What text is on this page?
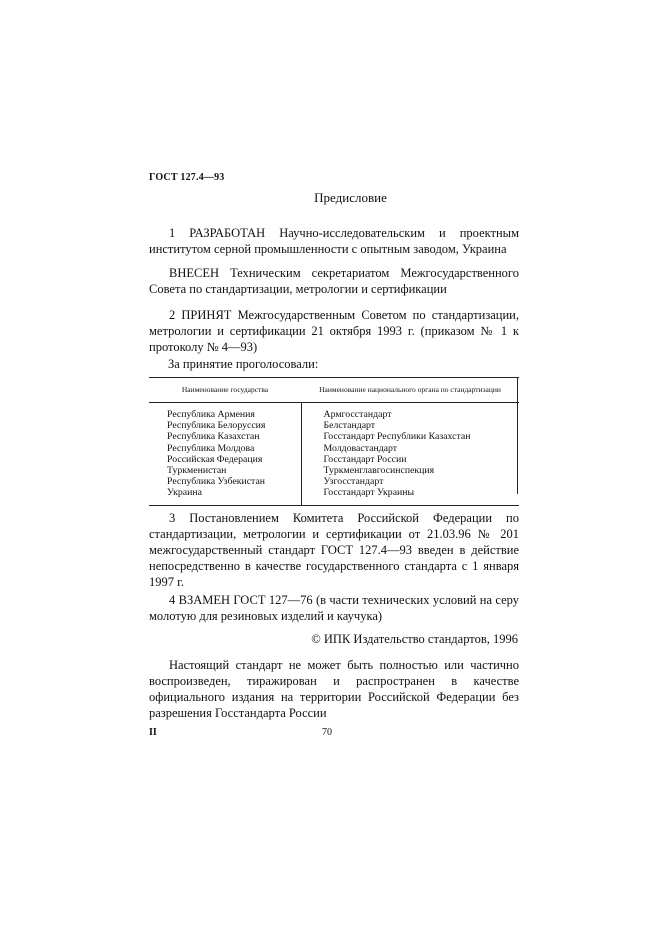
ГОСТ 127.4—93
Предисловие
1 РАЗРАБОТАН Научно-исследовательским и проектным институтом серной промышленности с опытным заводом, Украина
ВНЕСЕН Техническим секретариатом Межгосударственного Совета по стандартизации, метрологии и сертификации
2 ПРИНЯТ Межгосударственным Советом по стандартизации, метрологии и сертификации 21 октября 1993 г. (приказом № 1 к протоколу № 4—93)
За принятие проголосовали:
Наименование государства	Наименование национального органа по стандартизации
Республика Армения	Армгосстандарт
Республика Белоруссия	Белстандарт
Республика Казахстан	Госстандарт Республики Казахстан
Республика Молдова	Молдовастандарт
Российская Федерация	Госстандарт России
Туркменистан	Туркменглавгосинспекция
Республика Узбекистан	Узгосстандарт
Украина	Госстандарт Украины
3 Постановлением Комитета Российской Федерации по стандартизации, метрологии и сертификации от 21.03.96 № 201 межгосударственный стандарт ГОСТ 127.4—93 введен в действие непосредственно в качестве государственного стандарта с 1 января 1997 г.
4 ВЗАМЕН ГОСТ 127—76 (в части технических условий на серу молотую для резиновых изделий и каучука)
© ИПК Издательство стандартов, 1996
Настоящий стандарт не может быть полностью или частично воспроизведен, тиражирован и распространен в качестве официального издания на территории Российской Федерации без разрешения Госстандарта России
II	70
